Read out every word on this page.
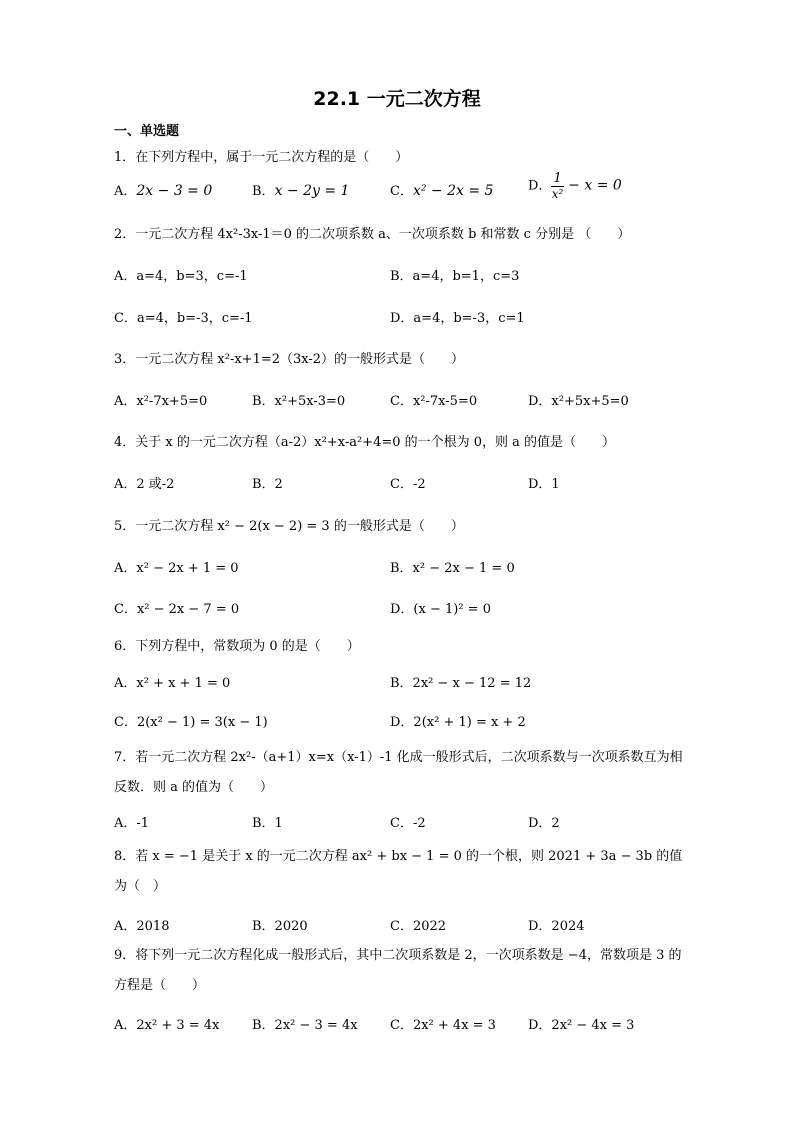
22.1 一元二次方程
一、单选题
1．在下列方程中，属于一元二次方程的是（　　）
A．2x − 3 = 0	B．x − 2y = 1	C．x² − 2x = 5	D． $\frac{1}{\text{x²}} - x = 0$
2．一元二次方程 4x²-3x-1＝0 的二次项系数 a、一次项系数 b 和常数 c 分别是 （　　）
A．a=4，b=3，c=-1	B．a=4，b=1，c=3
C．a=4，b=-3，c=-1	D．a=4，b=-3，c=1
3．一元二次方程 x²-x+1=2（3x-2）的一般形式是（　　）
A．x²-7x+5=0	B．x²+5x-3=0	C．x²-7x-5=0	D．x²+5x+5=0
4．关于 x 的一元二次方程（a-2）x²+x-a²+4=0 的一个根为 0，则 a 的值是（　　）
A．2 或-2	B．2	C．-2	D．1
5．一元二次方程 x² − 2(x − 2) = 3 的一般形式是（　　）
A．x² − 2x + 1 = 0	B．x² − 2x − 1 = 0
C．x² − 2x − 7 = 0	D．(x − 1)² = 0
6．下列方程中，常数项为 0 的是（　　）
A．x² + x + 1 = 0	B．2x² − x − 12 = 12
C．2(x² − 1) = 3(x − 1)	D．2(x² + 1) = x + 2
7．若一元二次方程 2x²-（a+1）x=x（x-1）-1 化成一般形式后，二次项系数与一次项系数互为相反数．则 a 的值为（　　）
A．-1	B．1	C．-2	D．2
8．若 x = −1 是关于 x 的一元二次方程 ax² + bx − 1 = 0 的一个根，则 2021 + 3a − 3b 的值为（　）
A．2018	B．2020	C．2022	D．2024
9．将下列一元二次方程化成一般形式后，其中二次项系数是 2，一次项系数是 −4，常数项是 3 的方程是（　　）
A．2x² + 3 = 4x	B．2x² − 3 = 4x C．2x² + 4x = 3 D．2x² − 4x = 3
